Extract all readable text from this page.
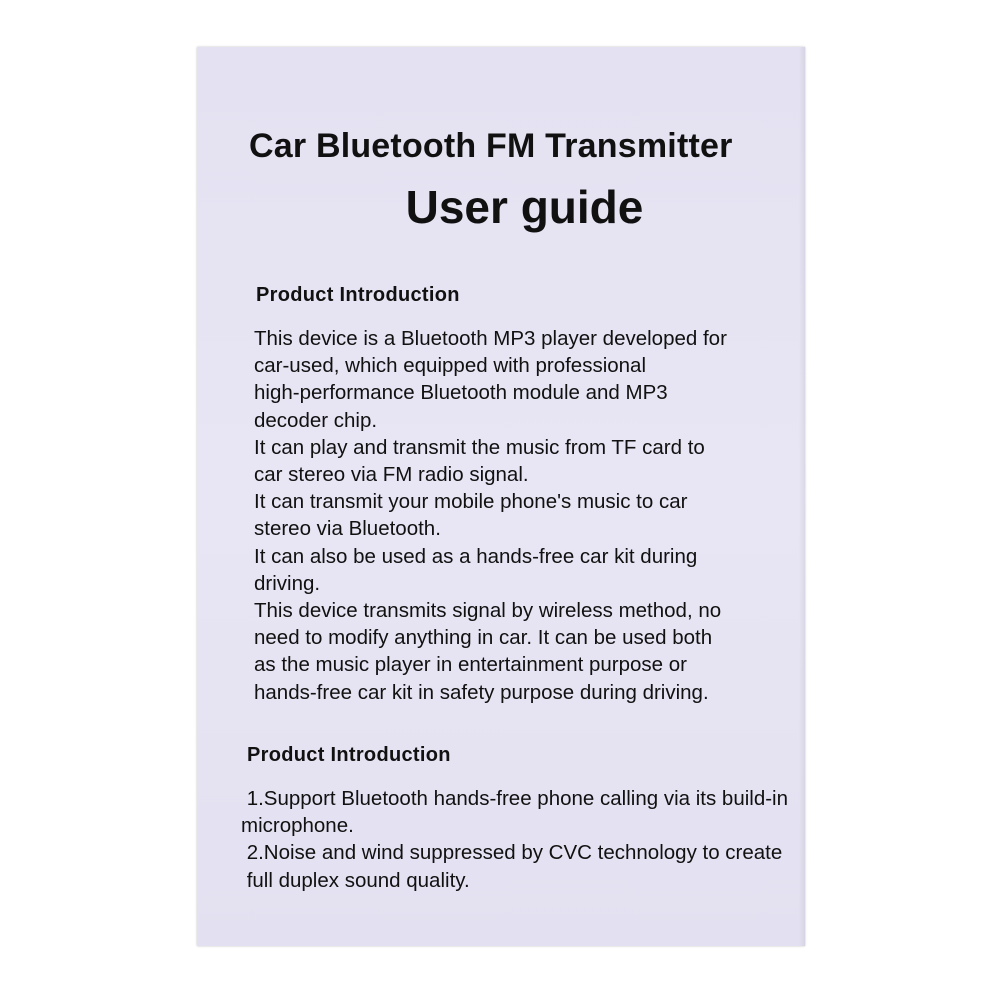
Car Bluetooth FM Transmitter
User guide
Product Introduction
This device is a Bluetooth MP3 player developed for
car-used, which equipped with professional
high-performance Bluetooth module and MP3
decoder chip.
It can play and transmit the music from TF card to
car stereo via FM radio signal.
It can transmit your mobile phone's music to car
stereo via Bluetooth.
It can also be used as a hands-free car kit during
driving.
This device transmits signal by wireless method, no
need to modify anything in car. It can be used both
as the music player in entertainment purpose or
hands-free car kit in safety purpose during driving.
Product Introduction
1.Support Bluetooth hands-free phone calling via its build-in
microphone.
2.Noise and wind suppressed by CVC technology to create
full duplex sound quality.
